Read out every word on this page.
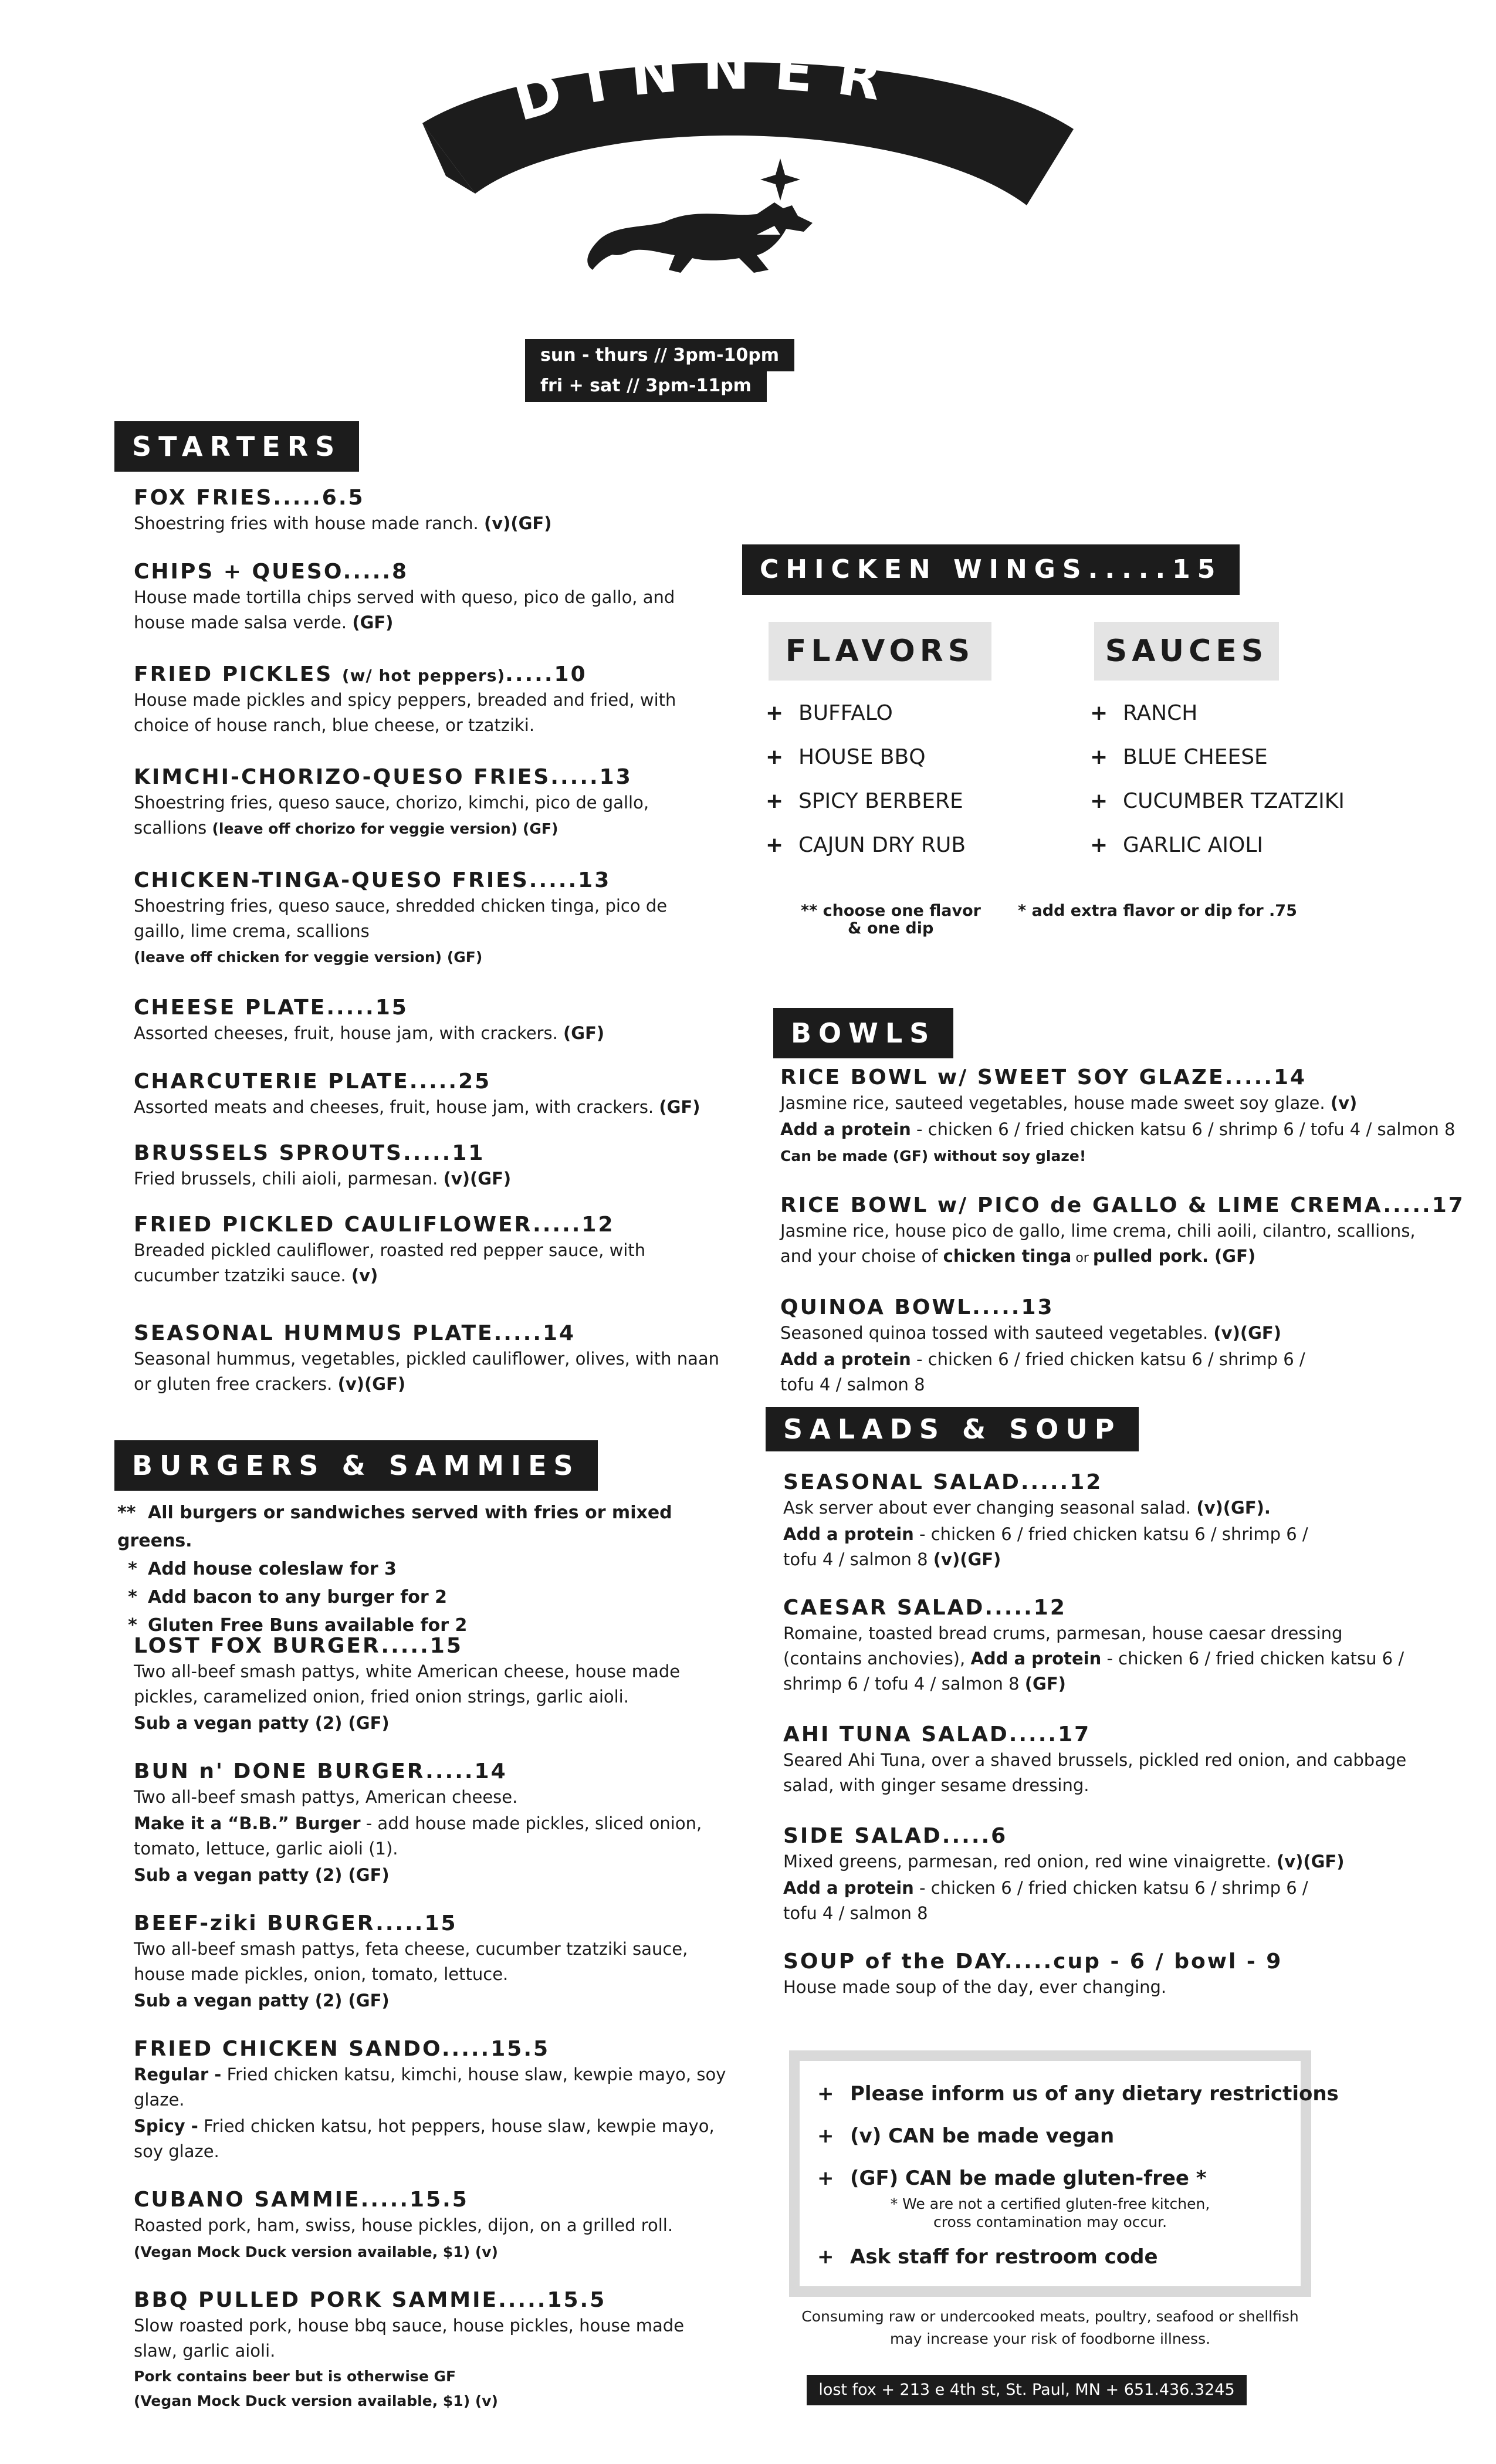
DINNER
sun - thurs // 3pm-10pm
fri + sat // 3pm-11pm
STARTERS

FOX FRIES.....6.5

Shoestring fries with house made ranch. (v)(GF)

CHIPS + QUESO.....8

House made tortilla chips served with queso, pico de gallo, and house made salsa verde. (GF)

FRIED PICKLES (w/ hot peppers).....10

House made pickles and spicy peppers, breaded and fried, with choice of house ranch, blue cheese, or tzatziki.

KIMCHI-CHORIZO-QUESO FRIES.....13

Shoestring fries, queso sauce, chorizo, kimchi, pico de gallo, scallions (leave off chorizo for veggie version) (GF)

CHICKEN-TINGA-QUESO FRIES.....13

Shoestring fries, queso sauce, shredded chicken tinga, pico de gaillo, lime crema, scallions
(leave off chicken for veggie version) (GF)

CHEESE PLATE.....15

Assorted cheeses, fruit, house jam, with crackers. (GF)

CHARCUTERIE PLATE.....25

Assorted meats and cheeses, fruit, house jam, with crackers. (GF)

BRUSSELS SPROUTS.....11

Fried brussels, chili aioli, parmesan. (v)(GF)

FRIED PICKLED CAULIFLOWER.....12

Breaded pickled cauliflower, roasted red pepper sauce, with cucumber tzatziki sauce. (v)

SEASONAL HUMMUS PLATE.....14

Seasonal hummus, vegetables, pickled cauliflower, olives, with naan or gluten free crackers. (v)(GF)

BURGERS & SAMMIES
** All burgers or sandwiches served with fries or mixed greens.
* Add house coleslaw for 3
* Add bacon to any burger for 2
* Gluten Free Buns available for 2

LOST FOX BURGER.....15

Two all-beef smash pattys, white American cheese, house made pickles, caramelized onion, fried onion strings, garlic aioli.

Sub a vegan patty (2) (GF)

BUN n' DONE BURGER.....14

Two all-beef smash pattys, American cheese.

Make it a “B.B.” Burger - add house made pickles, sliced onion, tomato, lettuce, garlic aioli (1).

Sub a vegan patty (2) (GF)

BEEF-ziki BURGER.....15

Two all-beef smash pattys, feta cheese, cucumber tzatziki sauce, house made pickles, onion, tomato, lettuce.

Sub a vegan patty (2) (GF)

FRIED CHICKEN SANDO.....15.5

Regular - Fried chicken katsu, kimchi, house slaw, kewpie mayo, soy glaze.

Spicy - Fried chicken katsu, hot peppers, house slaw, kewpie mayo, soy glaze.

CUBANO SAMMIE.....15.5

Roasted pork, ham, swiss, house pickles, dijon, on a grilled roll.

(Vegan Mock Duck version available, $1) (v)

BBQ PULLED PORK SAMMIE.....15.5

Slow roasted pork, house bbq sauce, house pickles, house made slaw, garlic aioli.

Pork contains beer but is otherwise GF

(Vegan Mock Duck version available, $1) (v)

CHICKEN WINGS.....15
FLAVORS	SAUCES
+ BUFFALO
+ HOUSE BBQ
+ SPICY BERBERE
+ CAJUN DRY RUB
+ RANCH
+ BLUE CHEESE
+ CUCUMBER TZATZIKI
+ GARLIC AIOLI
** choose one flavor
& one dip
* add extra flavor or dip for .75
BOWLS

RICE BOWL w/ SWEET SOY GLAZE.....14

Jasmine rice, sauteed vegetables, house made sweet soy glaze. (v)

Add a protein - chicken 6 / fried chicken katsu 6 / shrimp 6 / tofu 4 / salmon 8

Can be made (GF) without soy glaze!

RICE BOWL w/ PICO de GALLO & LIME CREMA.....17

Jasmine rice, house pico de gallo, lime crema, chili aoili, cilantro, scallions, and your choise of chicken tinga or pulled pork. (GF)

QUINOA BOWL.....13

Seasoned quinoa tossed with sauteed vegetables. (v)(GF)

Add a protein - chicken 6 / fried chicken katsu 6 / shrimp 6 / tofu 4 / salmon 8

SALADS & SOUP

SEASONAL SALAD.....12

Ask server about ever changing seasonal salad. (v)(GF).

Add a protein - chicken 6 / fried chicken katsu 6 / shrimp 6 / tofu 4 / salmon 8 (v)(GF)

CAESAR SALAD.....12

Romaine, toasted bread crums, parmesan, house caesar dressing (contains anchovies), Add a protein - chicken 6 / fried chicken katsu 6 / shrimp 6 / tofu 4 / salmon 8 (GF)

AHI TUNA SALAD.....17

Seared Ahi Tuna, over a shaved brussels, pickled red onion, and cabbage salad, with ginger sesame dressing.

SIDE SALAD.....6

Mixed greens, parmesan, red onion, red wine vinaigrette. (v)(GF)

Add a protein - chicken 6 / fried chicken katsu 6 / shrimp 6 / tofu 4 / salmon 8

SOUP of the DAY.....cup - 6 / bowl - 9

House made soup of the day, ever changing.

+ Please inform us of any dietary restrictions
+ (v) CAN be made vegan
+ (GF) CAN be made gluten-free *
* We are not a certified gluten-free kitchen,
cross contamination may occur.
+ Ask staff for restroom code
Consuming raw or undercooked meats, poultry, seafood or shellfish
may increase your risk of foodborne illness.
lost fox + 213 e 4th st, St. Paul, MN + 651.436.3245
